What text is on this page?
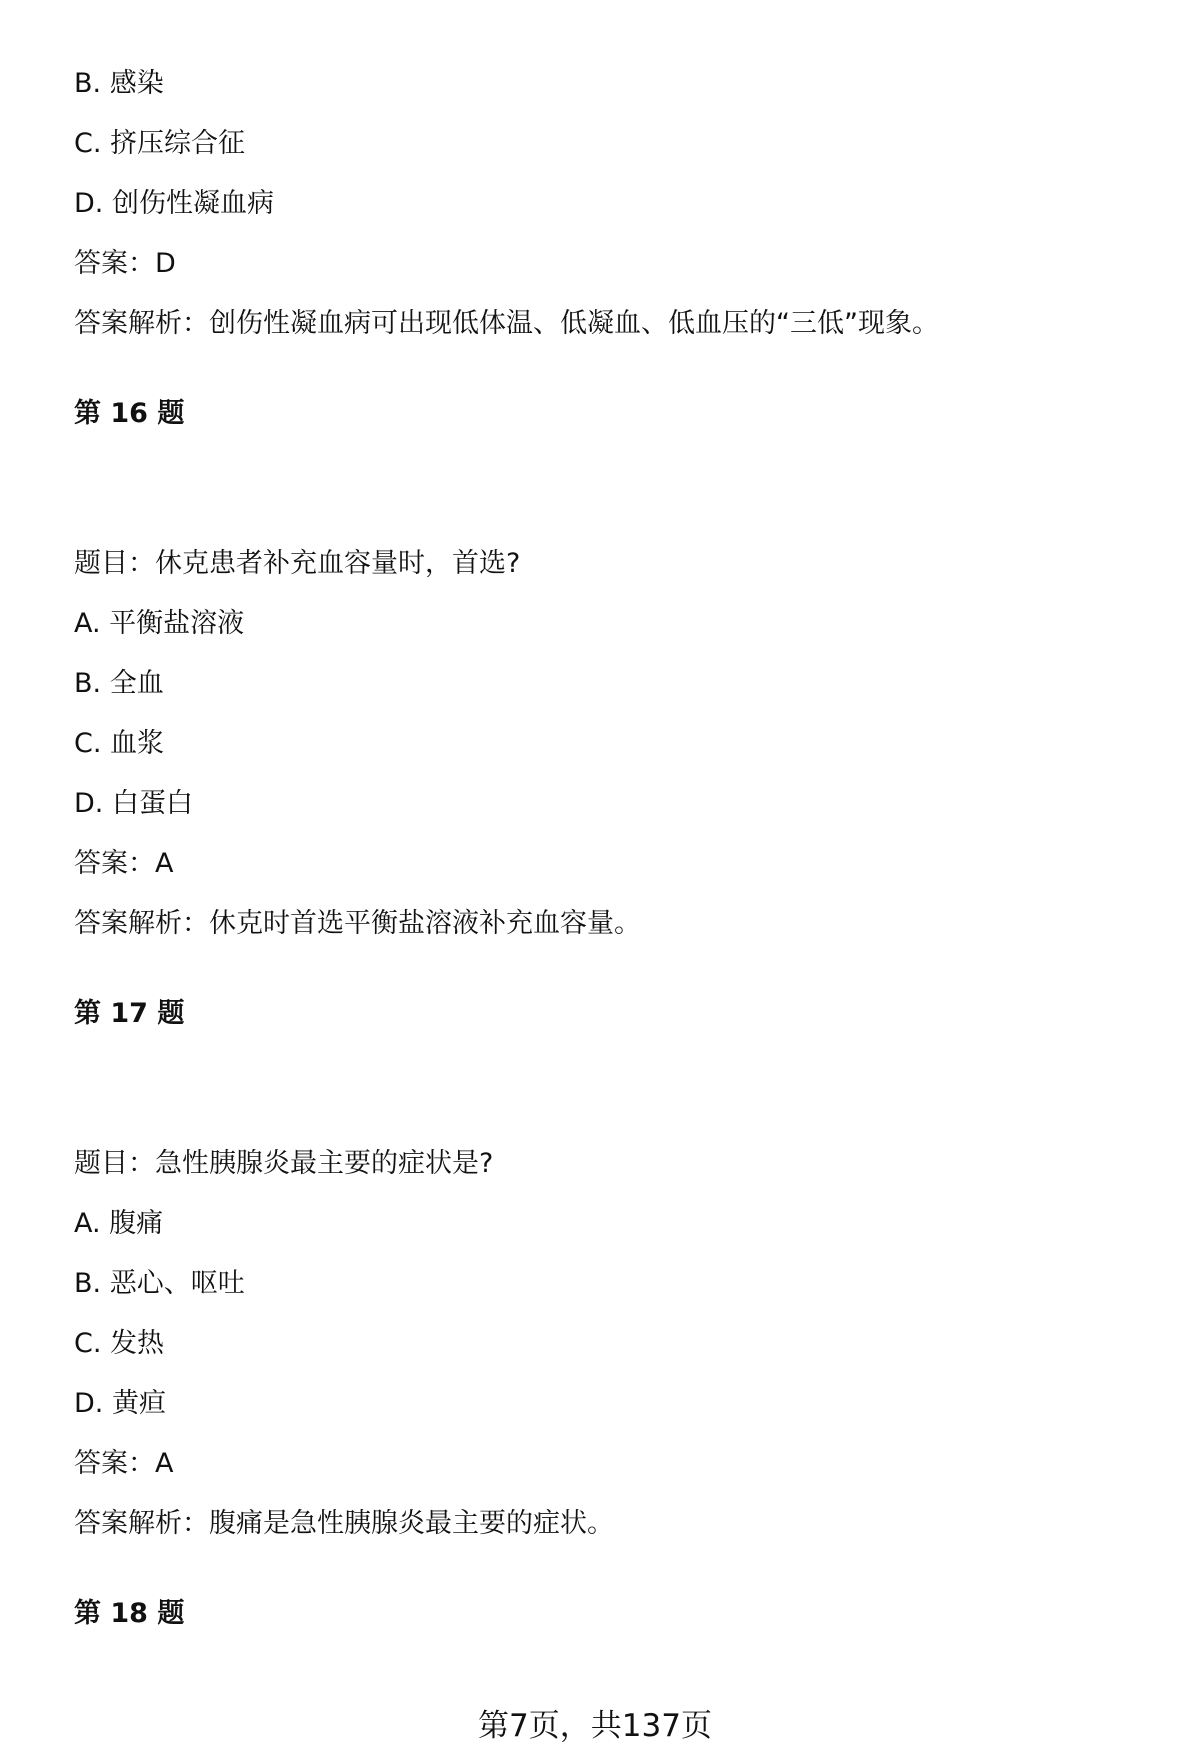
B. 感染
C. 挤压综合征
D. 创伤性凝血病
答案：D
答案解析：创伤性凝血病可出现低体温、低凝血、低血压的“三低”现象。
第 16 题
题目：休克患者补充血容量时，首选?
A. 平衡盐溶液
B. 全血
C. 血浆
D. 白蛋白
答案：A
答案解析：休克时首选平衡盐溶液补充血容量。
第 17 题
题目：急性胰腺炎最主要的症状是?
A. 腹痛
B. 恶心、呕吐
C. 发热
D. 黄疸
答案：A
答案解析：腹痛是急性胰腺炎最主要的症状。
第 18 题
第7页，共137页
